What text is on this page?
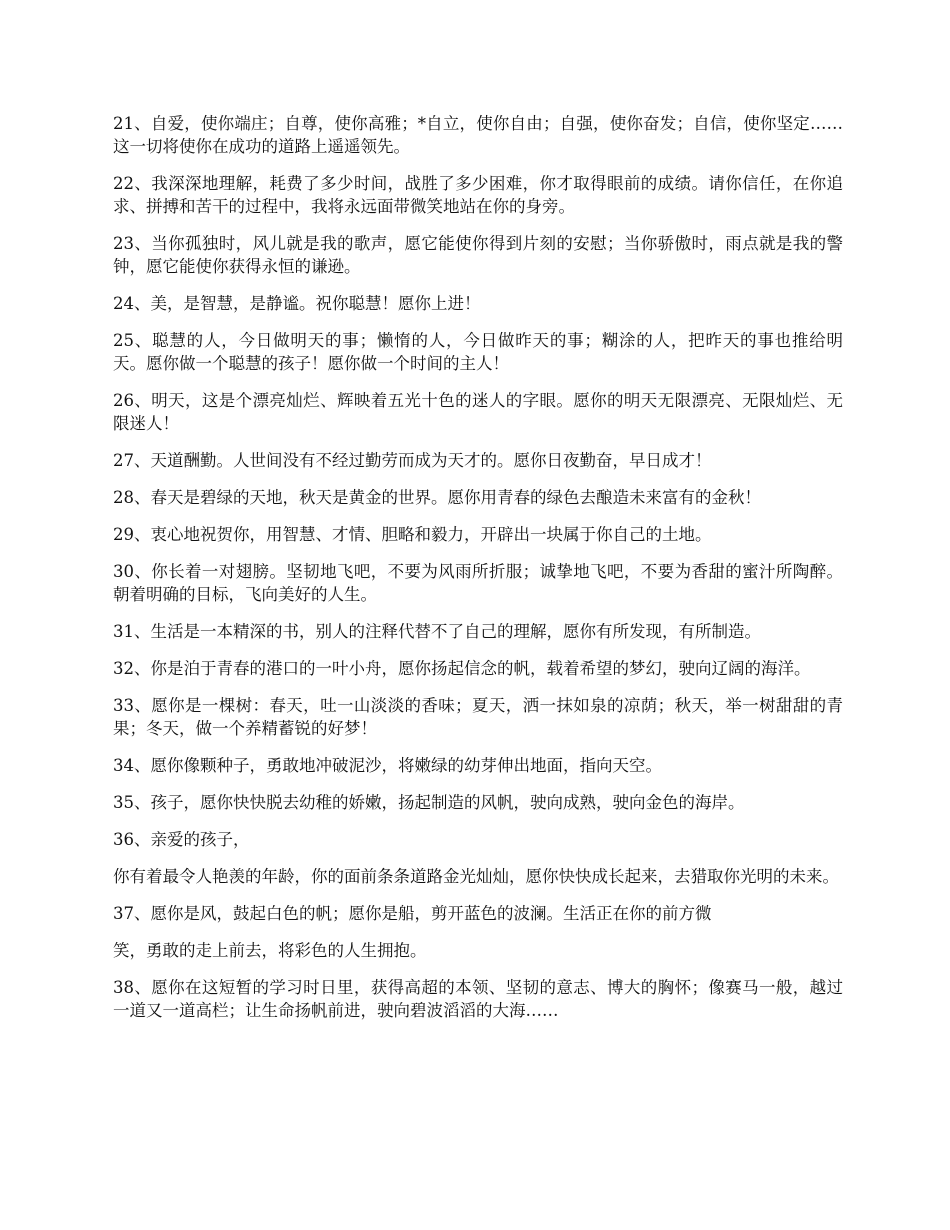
21、自爱，使你端庄；自尊，使你高雅；*自立，使你自由；自强，使你奋发；自信，使你坚定……这一切将使你在成功的道路上遥遥领先。

22、我深深地理解，耗费了多少时间，战胜了多少困难，你才取得眼前的成绩。请你信任，在你追求、拼搏和苦干的过程中，我将永远面带微笑地站在你的身旁。

23、当你孤独时，风儿就是我的歌声，愿它能使你得到片刻的安慰；当你骄傲时，雨点就是我的警钟，愿它能使你获得永恒的谦逊。

24、美，是智慧，是静谧。祝你聪慧！愿你上进！

25、聪慧的人，今日做明天的事；懒惰的人，今日做昨天的事；糊涂的人，把昨天的事也推给明天。愿你做一个聪慧的孩子！愿你做一个时间的主人！

26、明天，这是个漂亮灿烂、辉映着五光十色的迷人的字眼。愿你的明天无限漂亮、无限灿烂、无限迷人！

27、天道酬勤。人世间没有不经过勤劳而成为天才的。愿你日夜勤奋，早日成才！

28、春天是碧绿的天地，秋天是黄金的世界。愿你用青春的绿色去酿造未来富有的金秋！

29、衷心地祝贺你，用智慧、才情、胆略和毅力，开辟出一块属于你自己的土地。

30、你长着一对翅膀。坚韧地飞吧，不要为风雨所折服；诚挚地飞吧，不要为香甜的蜜汁所陶醉。朝着明确的目标，飞向美好的人生。

31、生活是一本精深的书，别人的注释代替不了自己的理解，愿你有所发现，有所制造。

32、你是泊于青春的港口的一叶小舟，愿你扬起信念的帆，载着希望的梦幻，驶向辽阔的海洋。

33、愿你是一棵树：春天，吐一山淡淡的香味；夏天，洒一抹如泉的凉荫；秋天，举一树甜甜的青果；冬天，做一个养精蓄锐的好梦！

34、愿你像颗种子，勇敢地冲破泥沙，将嫩绿的幼芽伸出地面，指向天空。

35、孩子，愿你快快脱去幼稚的娇嫩，扬起制造的风帆，驶向成熟，驶向金色的海岸。

36、亲爱的孩子，

你有着最令人艳羡的年龄，你的面前条条道路金光灿灿，愿你快快成长起来，去猎取你光明的未来。

37、愿你是风，鼓起白色的帆；愿你是船，剪开蓝色的波澜。生活正在你的前方微

笑，勇敢的走上前去，将彩色的人生拥抱。

38、愿你在这短暂的学习时日里，获得高超的本领、坚韧的意志、博大的胸怀；像赛马一般，越过一道又一道高栏；让生命扬帆前进，驶向碧波滔滔的大海……
